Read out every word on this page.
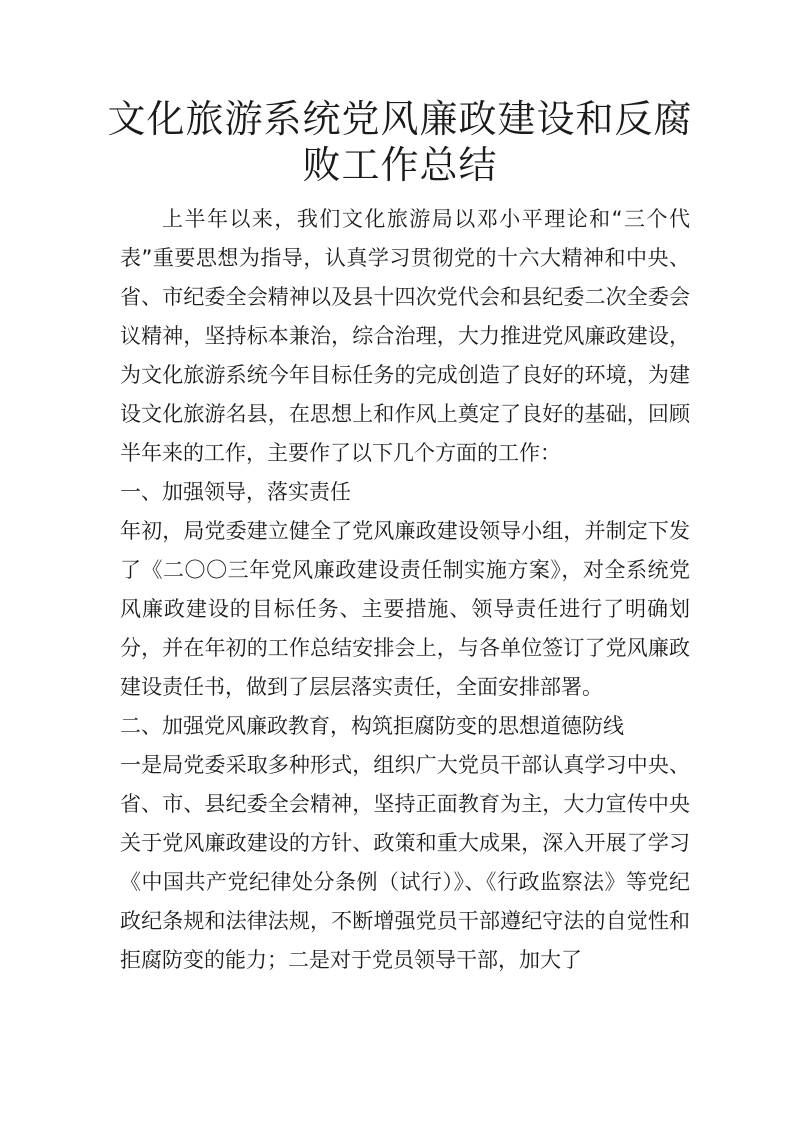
文化旅游系统党风廉政建设和反腐败工作总结

上半年以来，我们文化旅游局以邓小平理论和“三个代表”重要思想为指导，认真学习贯彻党的十六大精神和中央、省、市纪委全会精神以及县十四次党代会和县纪委二次全委会议精神，坚持标本兼治，综合治理，大力推进党风廉政建设，为文化旅游系统今年目标任务的完成创造了良好的环境，为建设文化旅游名县，在思想上和作风上奠定了良好的基础，回顾半年来的工作，主要作了以下几个方面的工作：

一、加强领导，落实责任

年初，局党委建立健全了党风廉政建设领导小组，并制定下发了《二〇〇三年党风廉政建设责任制实施方案》，对全系统党风廉政建设的目标任务、主要措施、领导责任进行了明确划分，并在年初的工作总结安排会上，与各单位签订了党风廉政建设责任书，做到了层层落实责任，全面安排部署。

二、加强党风廉政教育，构筑拒腐防变的思想道德防线

一是局党委采取多种形式，组织广大党员干部认真学习中央、省、市、县纪委全会精神，坚持正面教育为主，大力宣传中央关于党风廉政建设的方针、政策和重大成果，深入开展了学习《中国共产党纪律处分条例（试行）》、《行政监察法》等党纪政纪条规和法律法规，不断增强党员干部遵纪守法的自觉性和拒腐防变的能力；二是对于党员领导干部，加大了
